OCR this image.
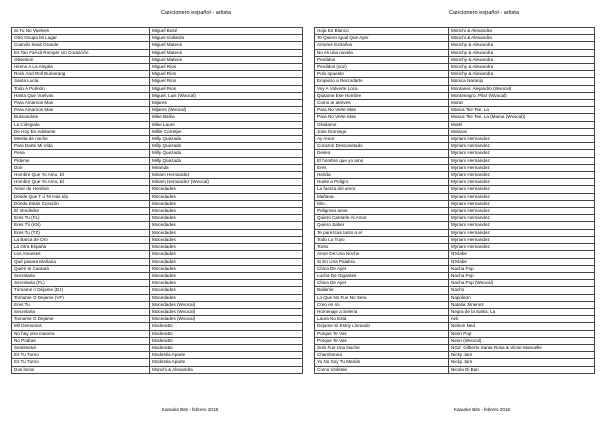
Cancionero español - artista
Si Tu No Vuelves	Miguel Bosé
Otro Ocupa Mi Lugar	Miguel Gallardo
Cuando Seas Grande	Miguel Mateos
Es Tan FáÃcil Romper Un CorazóÃn	Miguel Mateos
Obsesion	Miguel Mateos
Himno A La Alegria	Miguel Rios
Rock And Roll Bumerang	Miguel Rios
Santa Lucia	Miguel Rios
Todo A Pulmón	Miguel Rios
Hasta Que Vuelvas	Miguel, Luis (Wvocal)
Para Amarnos Mas	Mijares
Para Amarnos Mas	Mijares (Wvocal)
Buscandote	Mike Bahia
La Colegiala	Mike Laure
De Hoy En Adelante	Millie Corretjer
Mesita de noche	Milly Quezada
Para Darte Mi Vida	Milly Quezada
Pena	Milly Quezada
Pideme	Milly Quezada
Don	Miranda
Hombre Que Yo Amo, El	Miriam Hernandez
Hombre Que Yo Amo, El	Miriam Hernandez (Wvocal)
Amor de Hombre	Mocedades
Desde Que T ú Te Has Ido	Mocedades
Dónde Estás Corazón	Mocedades
El Vendedor	Mocedades
Eres Tu (FL)	Mocedades
Eres T\\ (KN)	Mocedades
Eres Tu (TZ)	Mocedades
La Barca de Oro	Mocedades
La Otra España	Mocedades
Los Amantes	Mocedades
Qué pasara Mañana	Mocedades
Quién te Cantará	Mocedades
Secretaria	Mocedades
Secretaria (FL)	Mocedades
Tómame o Déjame (DJ)	Mocedades
Tomame O Dejame (VF)	Mocedades
Eres Tu	Mocedades (Wvocal)
Secretaria	Mocedades (Wvocal)
Tomame O Dejame	Mocedades (Wvocal)
Mil Demonios	Moderatto
No hay otra manera	Moderatto
No Podras	Moderatto
Sentimetal	Moderatto
Es Tu Turno	Modestia Aparte
Es Tu Turno	Modestia Aparte
Dos locos	Monchi & Alexandra
Karaoke Bits - febrero 2018
Cancionero español - artista
Hoja En Blanco	Monchi & Alexandra
Te Quiero Igual Que Ayer	Monchi & Alexandra
Amores Extraños	Monchy & Alexandra
No es una novela	Monchy & Alexandra
Perdidos	Monchy & Alexandra
Perdidos (voz)	Monchy & Alexandra
Polo opuesto	Monchy & Alexandra
Empiezo a Recordarte	Monica Naranjo
Voy A Volverte Loca	Montaner, Alejandro (Wvocal)
Quitame Ese Hombre	Montenegro, Pilar (Wvocal)
Como te atreves	Morat
Para No Verte Mas	Mosca Tse Tse, La
Para No Verte Mas	Mosca Tse Tse, La (Mama (Wvocal))
Olvidame	Motel
Jose Domingo	Motivos
Ay Amor	Myriam Hernandez
Corazon Desconetado	Myriam Hernandez
Deseo	Myriam Hernandez
El hombre que yo amo	Myriam Hernandez
Eres	Myriam Hernandez
Herida	Myriam Hernandez
Huele a Peligro	Myriam Hernandez
La fuerza del amor	Myriam Hernandez
Mañana	Myriam Hernandez
Mío	Myriam Hernandez
Peligroso amor	Myriam Hernandez
Quiero Cantarle Al Amor	Myriam Hernandez
Quiero Saber	Myriam Hernandez
Te parezcas tanto a el	Myriam Hernandez
Todo Lo Tuyo	Myriam Hernandez
Tonto	Myriam Hernandez
Amor De Una Noche	N'Klabe
Si En Una Palabra	N'Klabe
Chica De Ayer	Nacha Pop
Lucha De Gigantes	Nacha Pop
Chica De Ayer	Nacha Pop (Wvocal)
Bailame	Nacho
Lo Que No Fue No Sera	Napoleon
Creo en mi	Natalia Jimenez
Homenaje a Selena	Negra de la Salsa, La
Laura No Está	nek
Dejame Si Estoy Llorando	Nelson Ned
Porque Te Vas	Neon Pop
Porque Te Vas	Neon (Wvocal)
Solo Fue Una Noche	NGZ: Gilberto Santa Rosa & Victor Manuelle
Chambonea	Nicky Jam
Yo No Soy Tu Marido	Nicky Jam
Como Violetas	Nicola Di Bari
Karaoke Bits - febrero 2018
